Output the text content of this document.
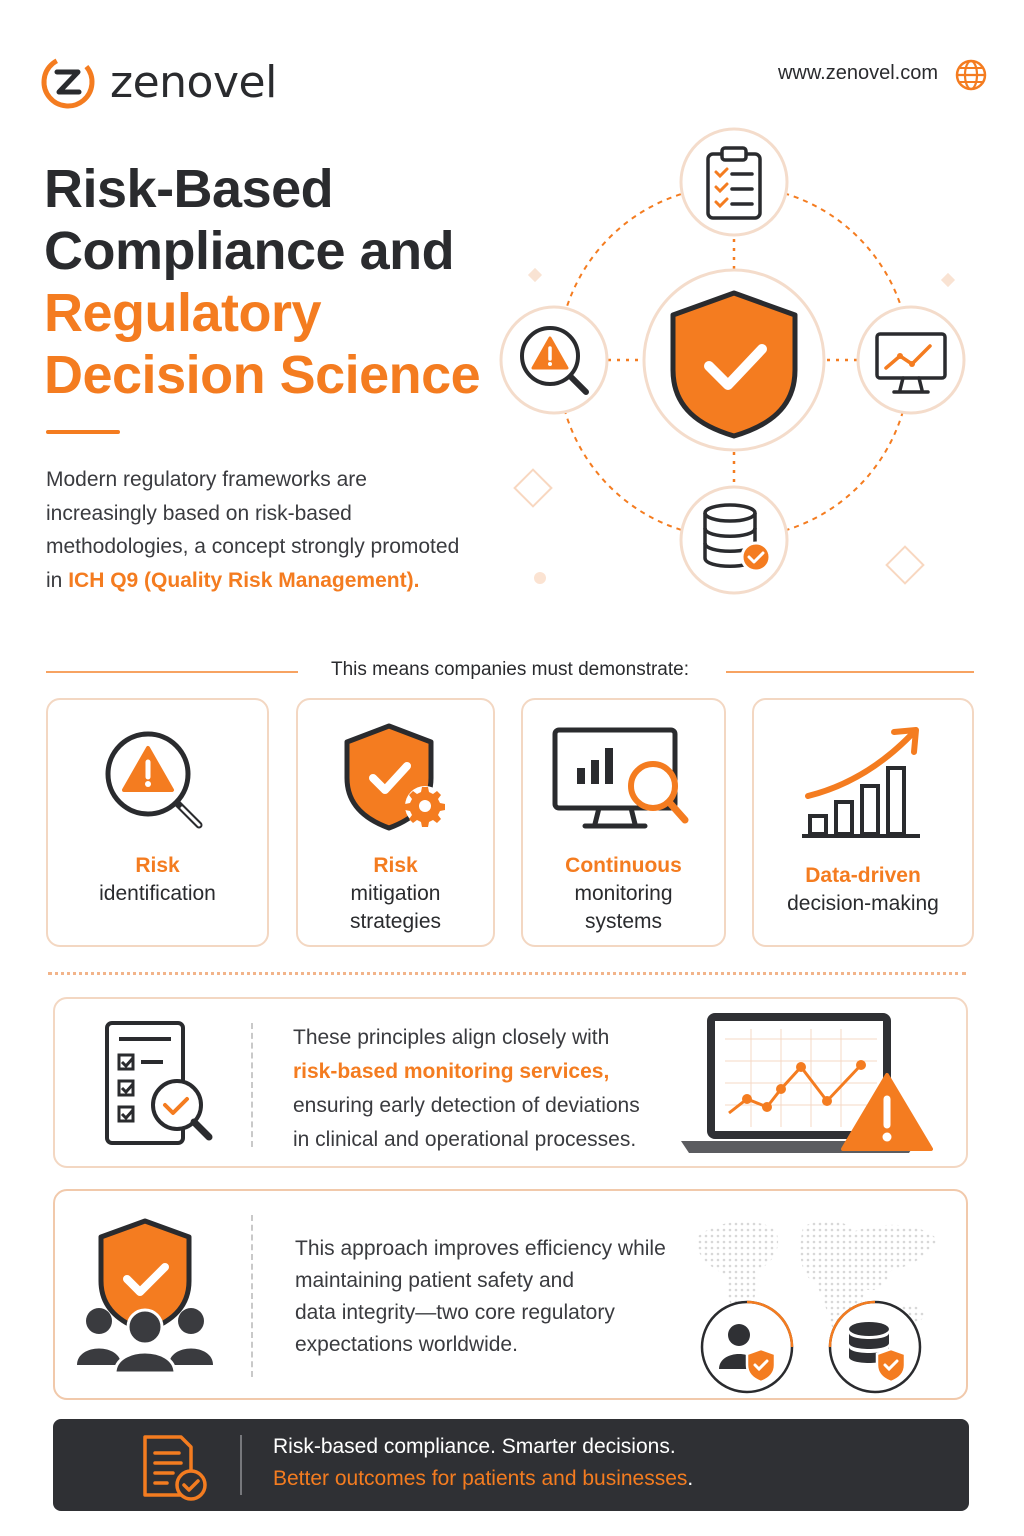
zenovel	www.zenovel.com
Risk-Based
Compliance and
Regulatory
Decision Science

Modern regulatory frameworks are increasingly based on risk-based methodologies, a concept strongly promoted in ICH Q9 (Quality Risk Management).

This means companies must demonstrate:
Risk
identification
Risk
mitigation
strategies
Continuous
monitoring
systems
Data-driven
decision-making
These principles align closely with
risk-based monitoring services,
ensuring early detection of deviations
in clinical and operational processes.
This approach improves efficiency while
maintaining patient safety and
data integrity—two core regulatory
expectations worldwide.
Risk-based compliance. Smarter decisions.
Better outcomes for patients and businesses.
